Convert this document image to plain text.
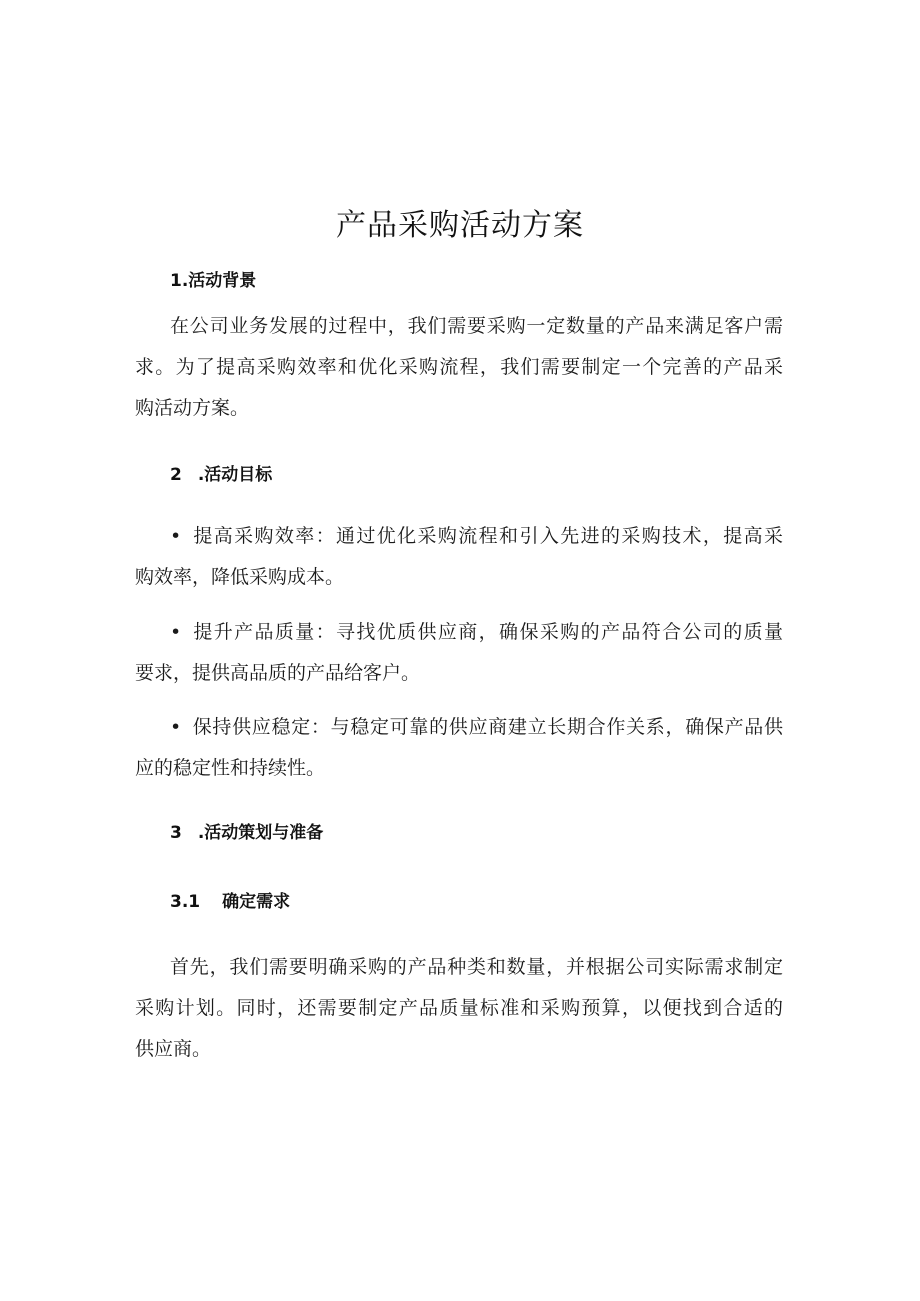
产品采购活动方案
1.活动背景
在公司业务发展的过程中，我们需要采购一定数量的产品来满足客户需
求。为了提高采购效率和优化采购流程，我们需要制定一个完善的产品采
购活动方案。
2 .活动目标
• 提高采购效率：通过优化采购流程和引入先进的采购技术，提高采
购效率，降低采购成本。
• 提升产品质量：寻找优质供应商，确保采购的产品符合公司的质量
要求，提供高品质的产品给客户。
• 保持供应稳定：与稳定可靠的供应商建立长期合作关系，确保产品供
应的稳定性和持续性。
3 .活动策划与准备
3.1 确定需求
首先，我们需要明确采购的产品种类和数量，并根据公司实际需求制定
采购计划。同时，还需要制定产品质量标准和采购预算，以便找到合适的
供应商。
